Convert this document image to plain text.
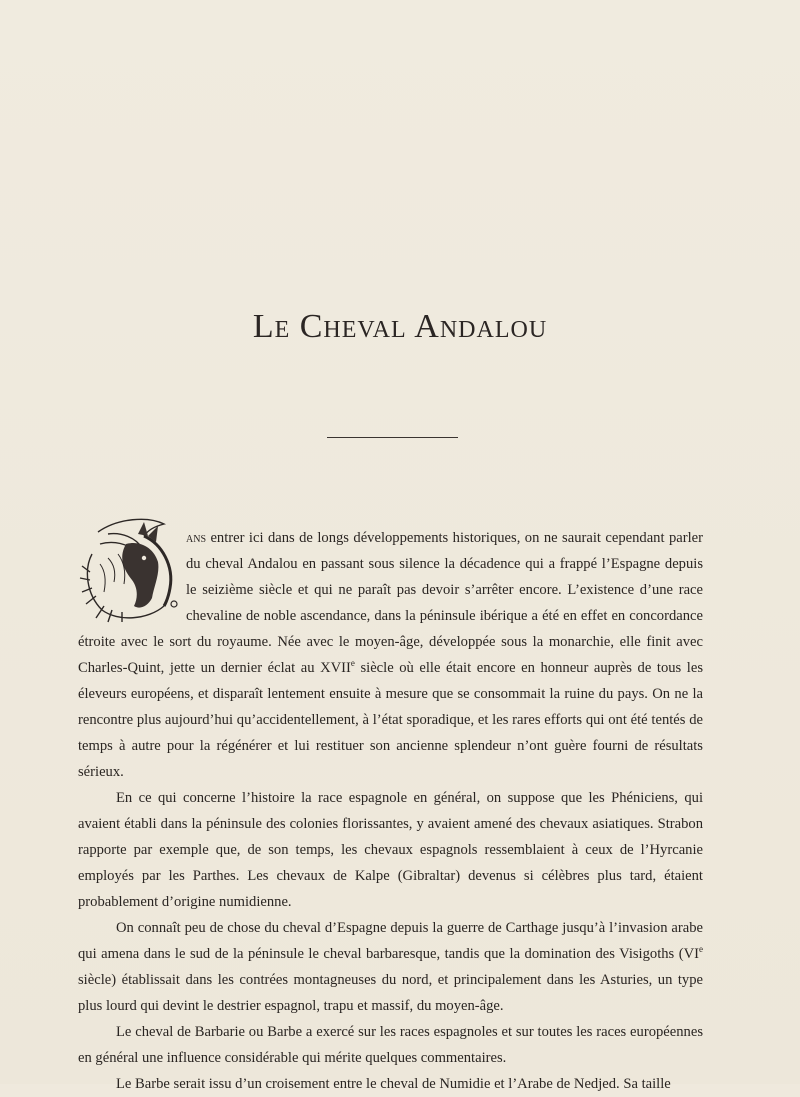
Le Cheval Andalou

ans entrer ici dans de longs développements historiques, on ne saurait cependant parler du cheval Andalou en passant sous silence la décadence qui a frappé l’Espagne depuis le seizième siècle et qui ne paraît pas devoir s’arrêter encore. L’existence d’une race chevaline de noble ascendance, dans la péninsule ibérique a été en effet en concordance étroite avec le sort du royaume. Née avec le moyen-âge, développée sous la monarchie, elle finit avec Charles-Quint, jette un dernier éclat au XVIIe siècle où elle était encore en honneur auprès de tous les éleveurs européens, et disparaît lentement ensuite à mesure que se consommait la ruine du pays. On ne la rencontre plus aujourd’hui qu’accidentellement, à l’état sporadique, et les rares efforts qui ont été tentés de temps à autre pour la régénérer et lui restituer son ancienne splendeur n’ont guère fourni de résultats sérieux.

En ce qui concerne l’histoire la race espagnole en général, on suppose que les Phéniciens, qui avaient établi dans la péninsule des colonies florissantes, y avaient amené des chevaux asiatiques. Strabon rapporte par exemple que, de son temps, les chevaux espagnols ressemblaient à ceux de l’Hyrcanie employés par les Parthes. Les chevaux de Kalpe (Gibraltar) devenus si célèbres plus tard, étaient probablement d’origine numidienne.

On connaît peu de chose du cheval d’Espagne depuis la guerre de Carthage jusqu’à l’invasion arabe qui amena dans le sud de la péninsule le cheval barbaresque, tandis que la domination des Visigoths (VIe siècle) établissait dans les contrées montagneuses du nord, et principalement dans les Asturies, un type plus lourd qui devint le destrier espagnol, trapu et massif, du moyen-âge.

Le cheval de Barbarie ou Barbe a exercé sur les races espagnoles et sur toutes les races européennes en général une influence considérable qui mérite quelques commentaires.

Le Barbe serait issu d’un croisement entre le cheval de Numidie et l’Arabe de Nedjed. Sa taille
